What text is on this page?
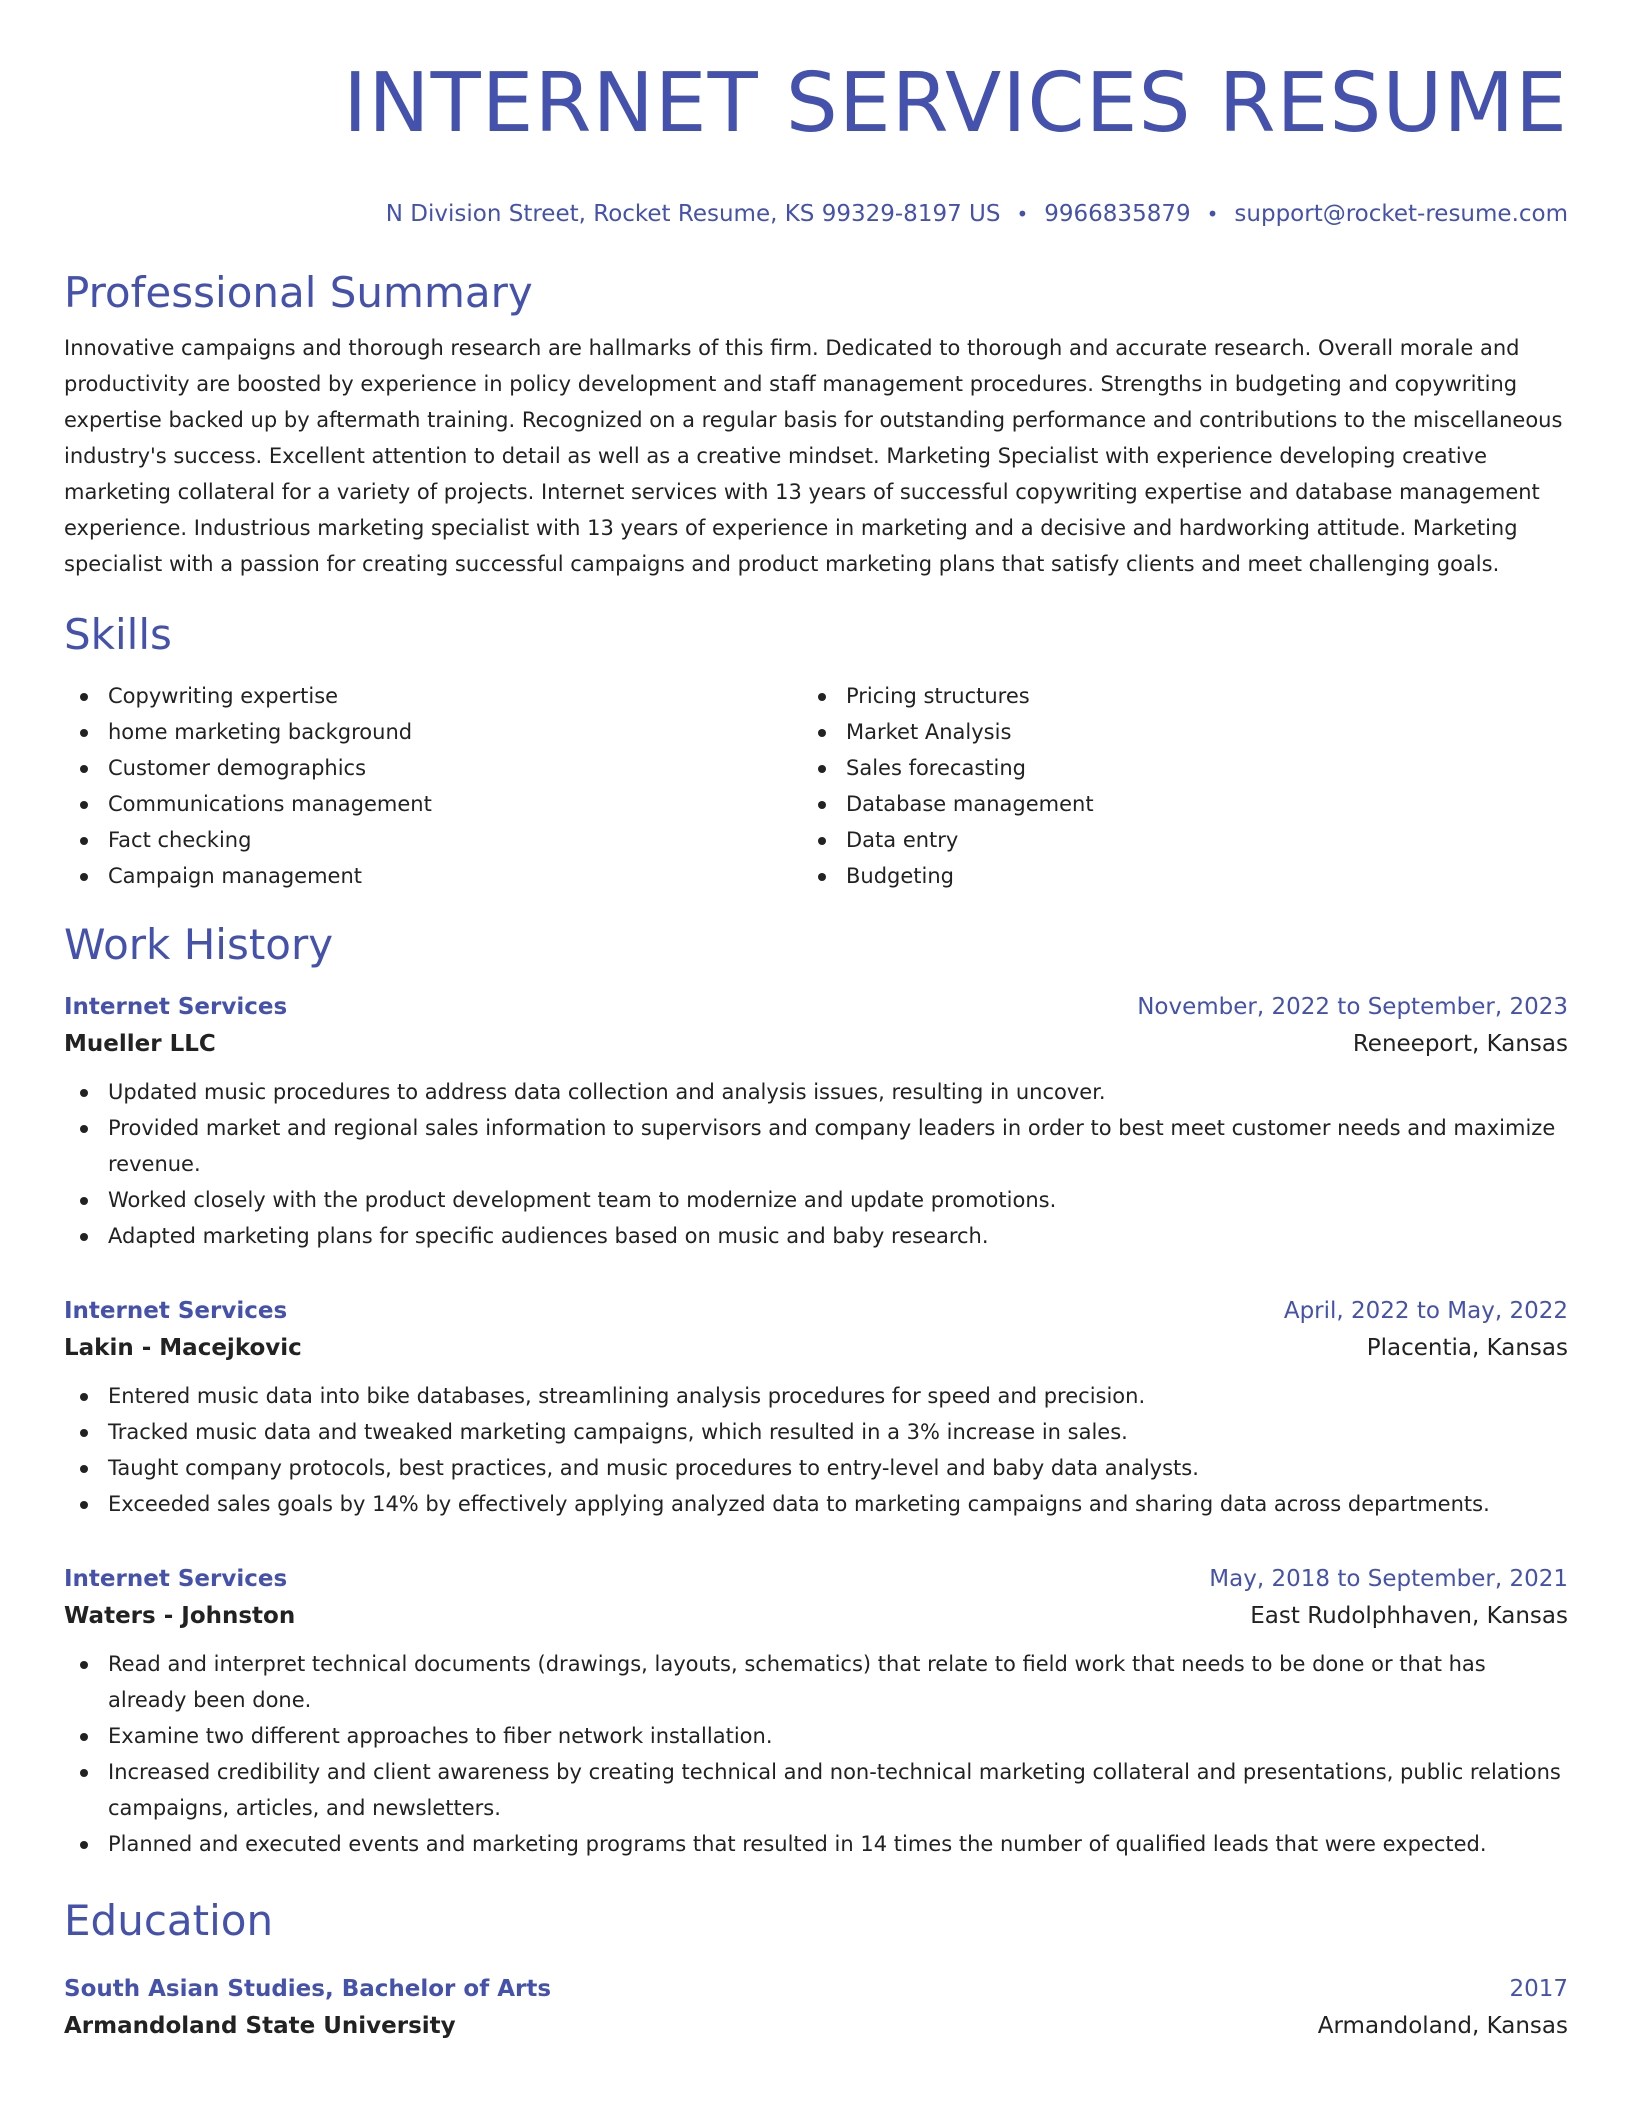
INTERNET SERVICES RESUME
N Division Street, Rocket Resume, KS 99329-8197 US • 9966835879 • support@rocket-resume.com
Professional Summary
Innovative campaigns and thorough research are hallmarks of this firm. Dedicated to thorough and accurate research. Overall morale and productivity are boosted by experience in policy development and staff management procedures. Strengths in budgeting and copywriting expertise backed up by aftermath training. Recognized on a regular basis for outstanding performance and contributions to the miscellaneous industry's success. Excellent attention to detail as well as a creative mindset. Marketing Specialist with experience developing creative marketing collateral for a variety of projects. Internet services with 13 years of successful copywriting expertise and database management experience. Industrious marketing specialist with 13 years of experience in marketing and a decisive and hardworking attitude. Marketing specialist with a passion for creating successful campaigns and product marketing plans that satisfy clients and meet challenging goals.
Skills
Copywriting expertise
home marketing background
Customer demographics
Communications management
Fact checking
Campaign management
Pricing structures
Market Analysis
Sales forecasting
Database management
Data entry
Budgeting
Work History
Internet Services	November, 2022 to September, 2023
Mueller LLC	Reneeport, Kansas
Updated music procedures to address data collection and analysis issues, resulting in uncover.
Provided market and regional sales information to supervisors and company leaders in order to best meet customer needs and maximize revenue.
Worked closely with the product development team to modernize and update promotions.
Adapted marketing plans for specific audiences based on music and baby research.
Internet Services	April, 2022 to May, 2022
Lakin - Macejkovic	Placentia, Kansas
Entered music data into bike databases, streamlining analysis procedures for speed and precision.
Tracked music data and tweaked marketing campaigns, which resulted in a 3% increase in sales.
Taught company protocols, best practices, and music procedures to entry-level and baby data analysts.
Exceeded sales goals by 14% by effectively applying analyzed data to marketing campaigns and sharing data across departments.
Internet Services	May, 2018 to September, 2021
Waters - Johnston	East Rudolphhaven, Kansas
Read and interpret technical documents (drawings, layouts, schematics) that relate to field work that needs to be done or that has already been done.
Examine two different approaches to fiber network installation.
Increased credibility and client awareness by creating technical and non-technical marketing collateral and presentations, public relations campaigns, articles, and newsletters.
Planned and executed events and marketing programs that resulted in 14 times the number of qualified leads that were expected.
Education
South Asian Studies, Bachelor of Arts	2017
Armandoland State University	Armandoland, Kansas
